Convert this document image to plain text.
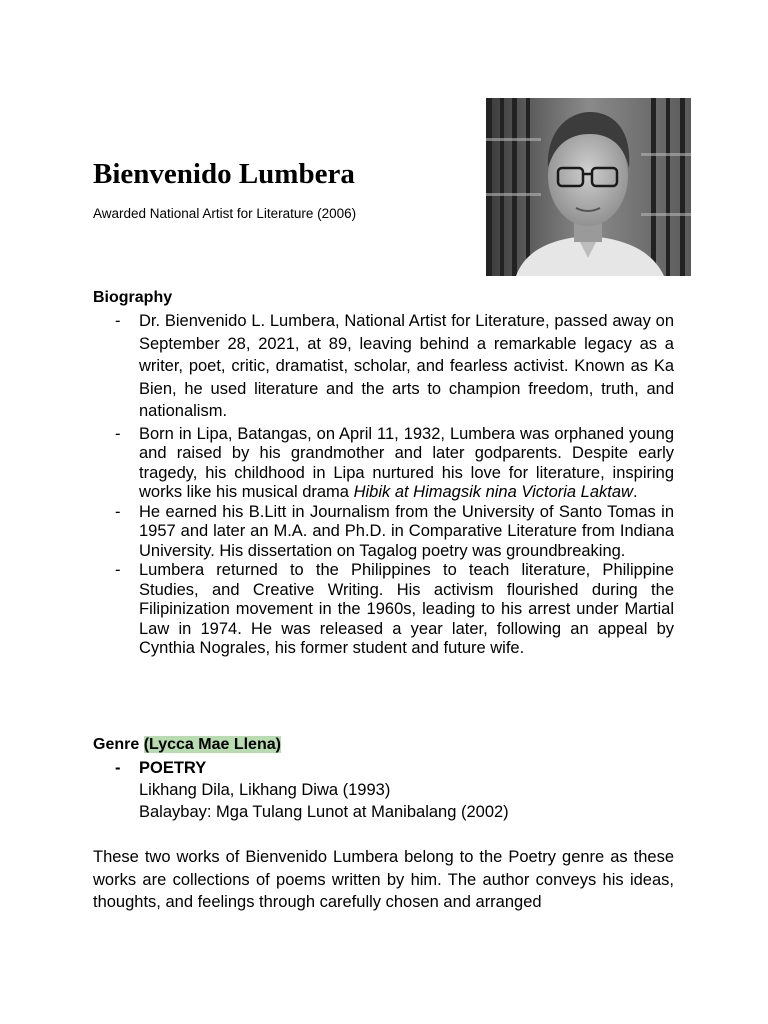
Bienvenido Lumbera

Awarded National Artist for Literature (2006)

Biography

- Dr. Bienvenido L. Lumbera, National Artist for Literature, passed away on September 28, 2021, at 89, leaving behind a remarkable legacy as a writer, poet, critic, dramatist, scholar, and fearless activist. Known as Ka Bien, he used literature and the arts to champion freedom, truth, and nationalism.
- Born in Lipa, Batangas, on April 11, 1932, Lumbera was orphaned young and raised by his grandmother and later godparents. Despite early tragedy, his childhood in Lipa nurtured his love for literature, inspiring works like his musical drama Hibik at Himagsik nina Victoria Laktaw.
- He earned his B.Litt in Journalism from the University of Santo Tomas in 1957 and later an M.A. and Ph.D. in Comparative Literature from Indiana University. His dissertation on Tagalog poetry was groundbreaking.
- Lumbera returned to the Philippines to teach literature, Philippine Studies, and Creative Writing. His activism flourished during the Filipinization movement in the 1960s, leading to his arrest under Martial Law in 1974. He was released a year later, following an appeal by Cynthia Nograles, his former student and future wife.

Genre (Lycca Mae Llena)

- POETRY
Likhang Dila, Likhang Diwa (1993)
Balaybay: Mga Tulang Lunot at Manibalang (2002)

These two works of Bienvenido Lumbera belong to the Poetry genre as these works are collections of poems written by him. The author conveys his ideas, thoughts, and feelings through carefully chosen and arranged
